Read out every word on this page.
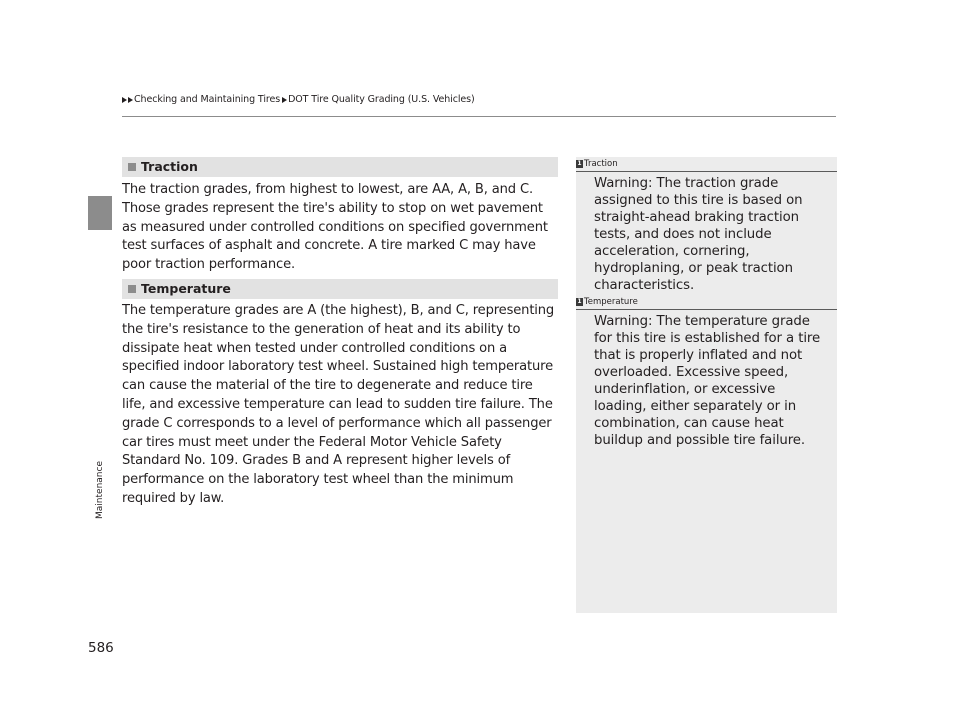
Checking and Maintaining Tires DOT Tire Quality Grading (U.S. Vehicles)
Maintenance
Traction

The traction grades, from highest to lowest, are AA, A, B, and C. Those grades represent the tire's ability to stop on wet pavement as measured under controlled conditions on specified government test surfaces of asphalt and concrete. A tire marked C may have poor traction performance.

Temperature

The temperature grades are A (the highest), B, and C, representing the tire's resistance to the generation of heat and its ability to dissipate heat when tested under controlled conditions on a specified indoor laboratory test wheel. Sustained high temperature can cause the material of the tire to degenerate and reduce tire life, and excessive temperature can lead to sudden tire failure. The grade C corresponds to a level of performance which all passenger car tires must meet under the Federal Motor Vehicle Safety Standard No. 109. Grades B and A represent higher levels of performance on the laboratory test wheel than the minimum required by law.

1 Traction
Warning: The traction grade assigned to this tire is based on straight-ahead braking traction tests, and does not include acceleration, cornering, hydroplaning, or peak traction characteristics.
1 Temperature
Warning: The temperature grade for this tire is established for a tire that is properly inflated and not overloaded. Excessive speed, underinflation, or excessive loading, either separately or in combination, can cause heat buildup and possible tire failure.
586
